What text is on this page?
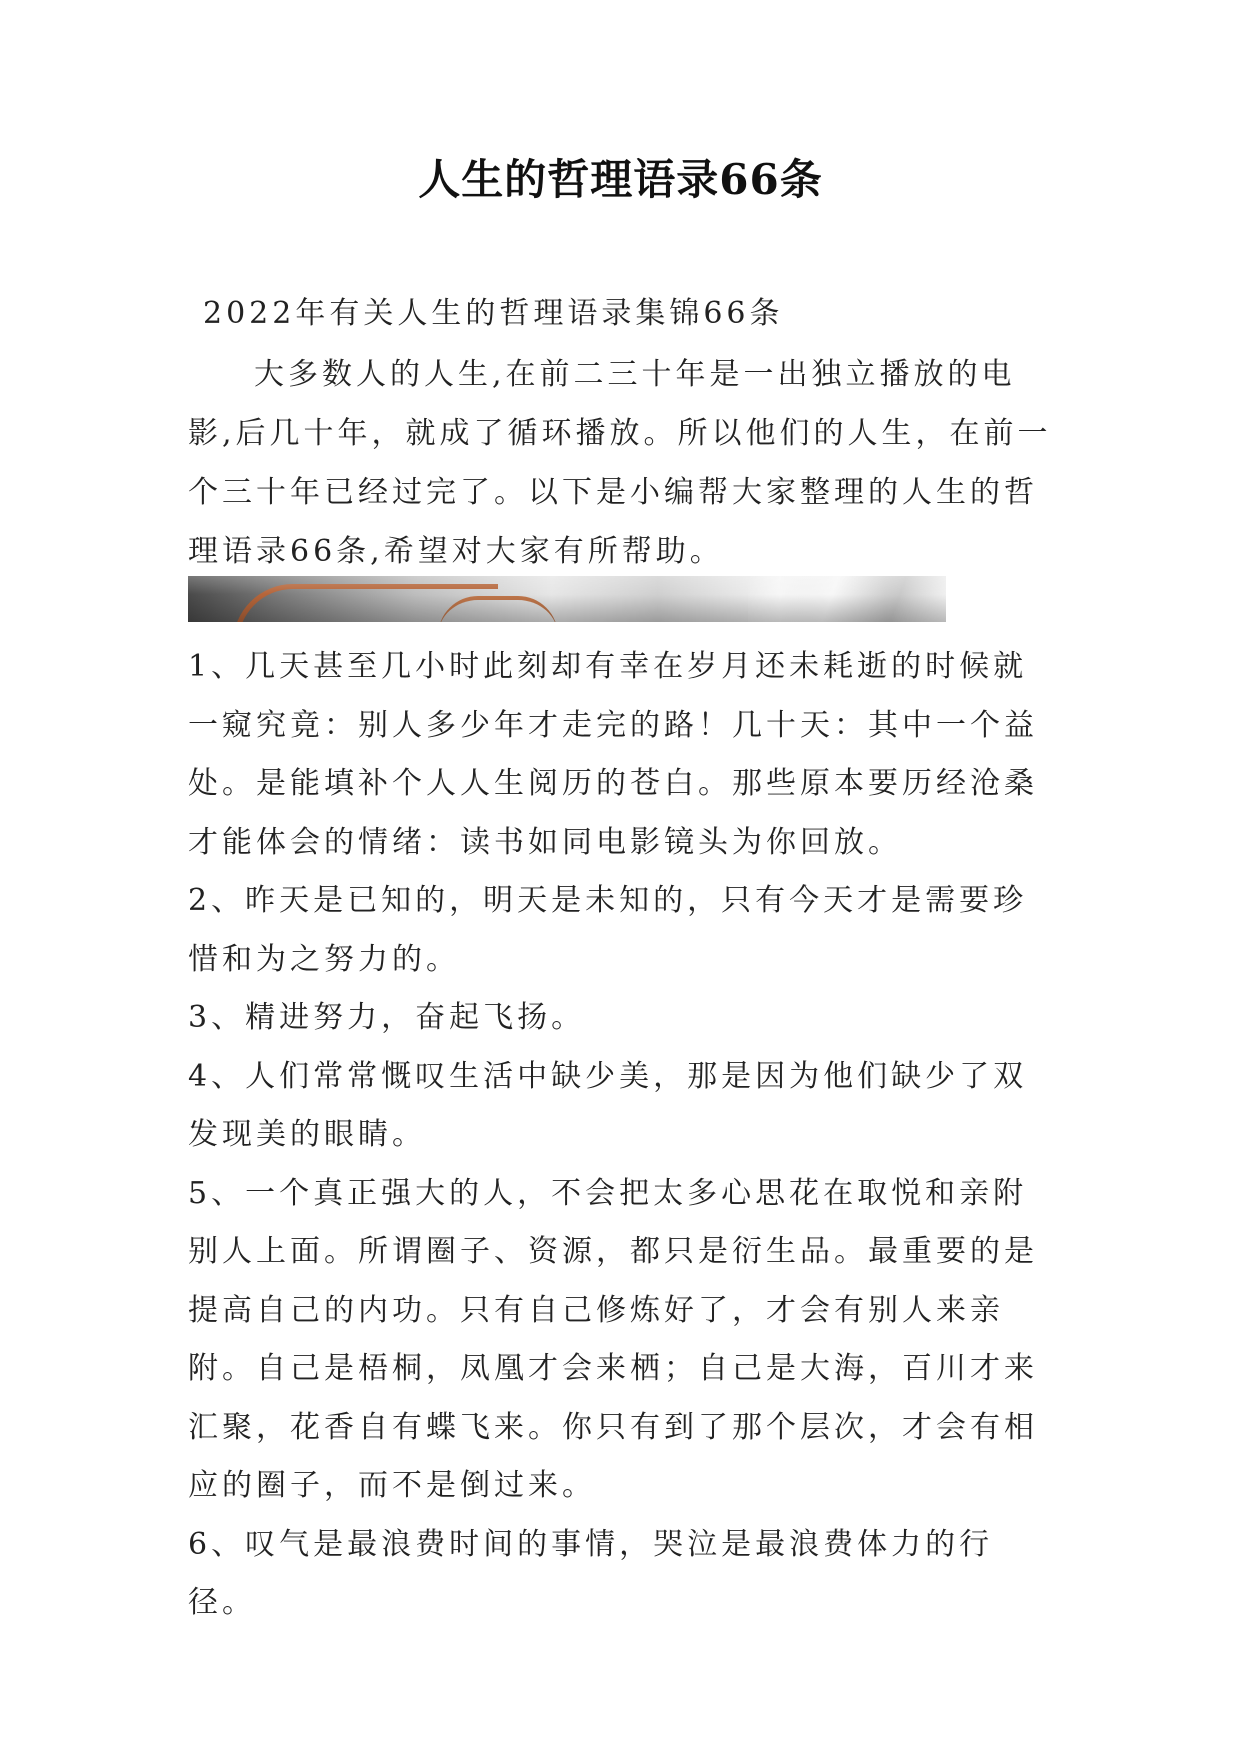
人生的哲理语录66条
2022年有关人生的哲理语录集锦66条
大多数人的人生,在前二三十年是一出独立播放的电影,后几十年，就成了循环播放。所以他们的人生，在前一个三十年已经过完了。以下是小编帮大家整理的人生的哲理语录66条,希望对大家有所帮助。

1、几天甚至几小时此刻却有幸在岁月还未耗逝的时候就一窥究竟：别人多少年才走完的路！几十天：其中一个益处。是能填补个人人生阅历的苍白。那些原本要历经沧桑才能体会的情绪：读书如同电影镜头为你回放。

2、昨天是已知的，明天是未知的，只有今天才是需要珍惜和为之努力的。

3、精进努力，奋起飞扬。

4、人们常常慨叹生活中缺少美，那是因为他们缺少了双发现美的眼睛。

5、一个真正强大的人，不会把太多心思花在取悦和亲附别人上面。所谓圈子、资源，都只是衍生品。最重要的是提高自己的内功。只有自己修炼好了，才会有别人来亲附。自己是梧桐，凤凰才会来栖；自己是大海，百川才来汇聚，花香自有蝶飞来。你只有到了那个层次，才会有相应的圈子，而不是倒过来。

6、叹气是最浪费时间的事情，哭泣是最浪费体力的行径。
